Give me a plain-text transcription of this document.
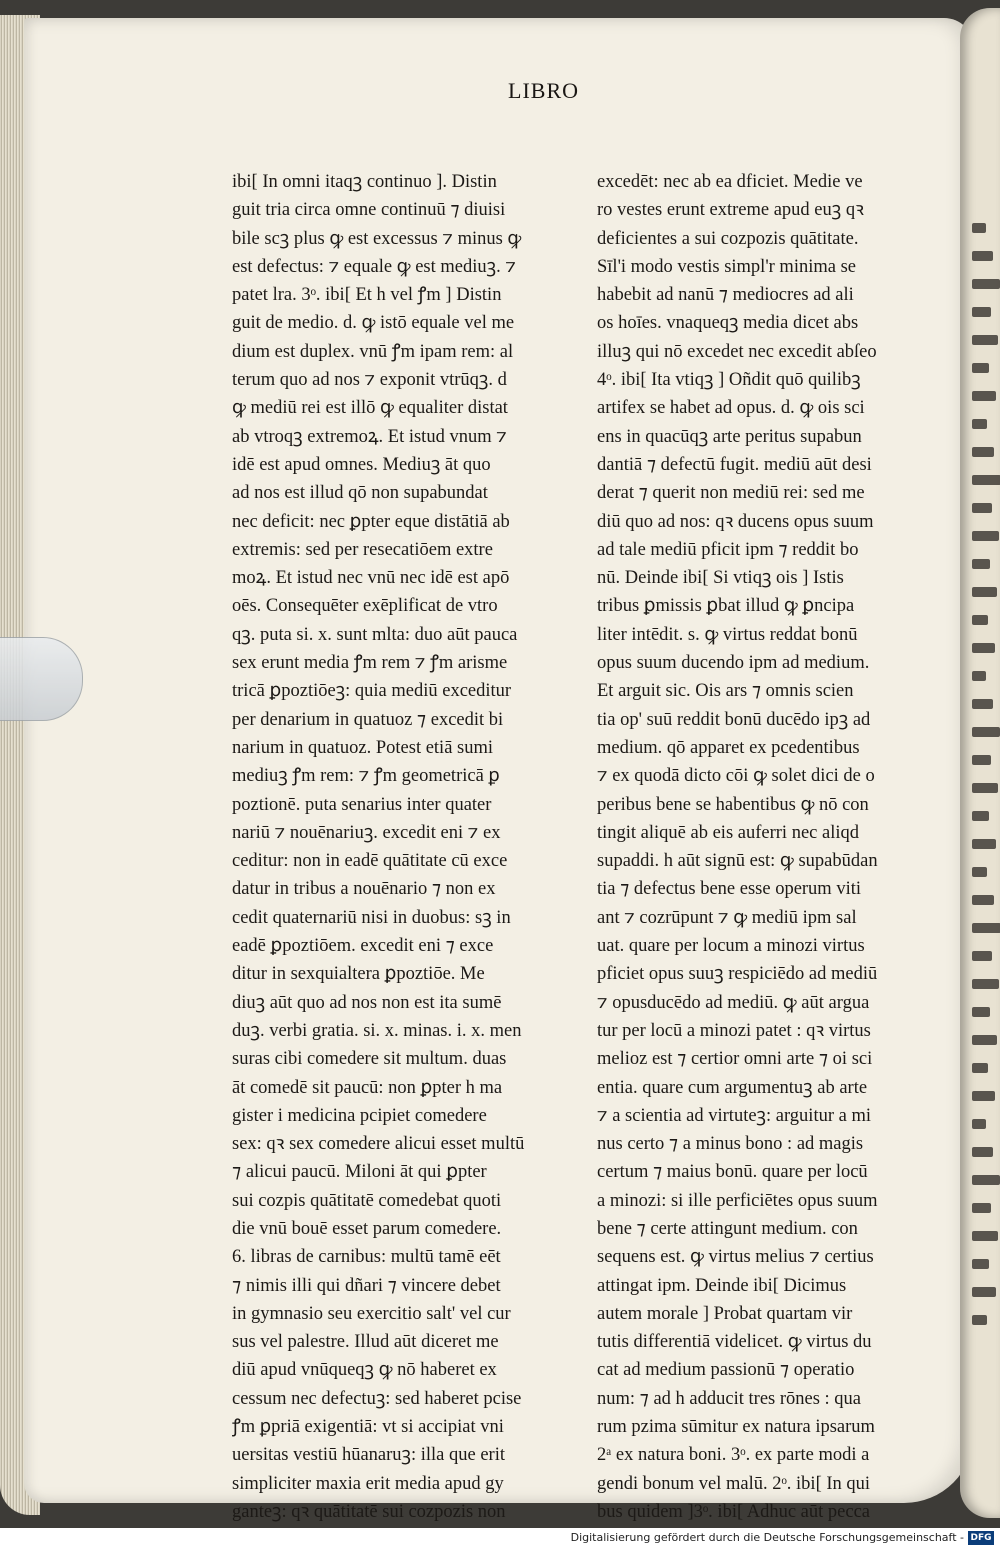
LIBRO
ibi[ In omni itaqꝫ continuo ]. Distin
guit tria circa omne continuū ⁊ diuisi
bile scꝫ plus ꝙ est excessus ⁊ minus ꝙ
est defectus: ⁊ equale ꝙ est mediuꝫ. ⁊
patet lra. 3ᵒ. ibi[ Et h vel ꝭm ] Distin
guit de medio. d. ꝙ istō equale vel me
dium est duplex. vnū ꝭm ipam rem: al
terum quo ad nos ⁊ exponit vtrūqꝫ. d
ꝙ mediū rei est illō ꝙ equaliter distat
ab vtroqꝫ extremoꝝ. Et istud vnum ⁊
idē est apud omnes. Mediuꝫ āt quo
ad nos est illud qō non supabundat
nec deficit: nec ꝑpter eque distātiā ab
extremis: sed per resecatiōem extre
moꝝ. Et istud nec vnū nec idē est apō
oēs. Consequēter exēplificat de vtro
qꝫ. puta si. x. sunt mlta: duo aūt pauca
sex erunt media ꝭm rem ⁊ ꝭm arisme
tricā ꝑpoztiōeꝫ: quia mediū exceditur
per denarium in quatuoz ⁊ excedit bi
narium in quatuoz. Potest etiā sumi
mediuꝫ ꝭm rem: ⁊ ꝭm geometricā ꝑ
poztionē. puta senarius inter quater
nariū ⁊ nouēnariuꝫ. excedit eni ⁊ ex
ceditur: non in eadē quātitate cū exce
datur in tribus a nouēnario ⁊ non ex
cedit quaternariū nisi in duobus: sꝫ in
eadē ꝑpoztiōem. excedit eni ⁊ exce
ditur in sexquialtera ꝑpoztiōe. Me
diuꝫ aūt quo ad nos non est ita sumē
duꝫ. verbi gratia. si. x. minas. i. x. men
suras cibi comedere sit multum. duas
āt comedē sit paucū: non ꝑpter h ma
gister i medicina pcipiet comedere
sex: qꝛ sex comedere alicui esset multū
⁊ alicui paucū. Miloni āt qui ꝑpter
sui cozpis quātitatē comedebat quoti
die vnū bouē esset parum comedere.
6. libras de carnibus: multū tamē eēt
⁊ nimis illi qui dñari ⁊ vincere debet
in gymnasio seu exercitio salt' vel cur
sus vel palestre. Illud aūt diceret me
diū apud vnūqueqꝫ ꝙ nō haberet ex
cessum nec defectuꝫ: sed haberet pcise
ꝭm ꝑpriā exigentiā: vt si accipiat vni
uersitas vestiū hūanaruꝫ: illa que erit
simpliciter maxia erit media apud gy
ganteꝫ: qꝛ quātitatē sui cozpozis non
excedēt: nec ab ea dficiet. Medie ve
ro vestes erunt extreme apud euꝫ qꝛ
deficientes a sui cozpozis quātitate.
Sīl'i modo vestis simpl'r minima se
habebit ad nanū ⁊ mediocres ad ali
os hoīes. vnaqueqꝫ media dicet abs
illuꝫ qui nō excedet nec excedit abſeo
4ᵒ. ibi[ Ita vtiqꝫ ] Oñdit quō quilibꝫ
artifex se habet ad opus. d. ꝙ ois sci
ens in quacūqꝫ arte peritus supabun
dantiā ⁊ defectū fugit. mediū aūt desi
derat ⁊ querit non mediū rei: sed me
diū quo ad nos: qꝛ ducens opus suum
ad tale mediū pficit ipm ⁊ reddit bo
nū. Deinde ibi[ Si vtiqꝫ ois ] Istis
tribus ꝑmissis ꝑbat illud ꝙ ꝑncipa
liter intēdit. s. ꝙ virtus reddat bonū
opus suum ducendo ipm ad medium.
Et arguit sic. Ois ars ⁊ omnis scien
tia op' suū reddit bonū ducēdo ipꝫ ad
medium. qō apparet ex pcedentibus
⁊ ex quodā dicto cōi ꝙ solet dici de o
peribus bene se habentibus ꝙ nō con
tingit aliquē ab eis auferri nec aliqd
supaddi. h aūt signū est: ꝙ supabūdan
tia ⁊ defectus bene esse operum viti
ant ⁊ cozrūpunt ⁊ ꝙ mediū ipm sal
uat. quare per locum a minozi virtus
pficiet opus suuꝫ respiciēdo ad mediū
⁊ opusducēdo ad mediū. ꝙ aūt argua
tur per locū a minozi patet : qꝛ virtus
melioz est ⁊ certior omni arte ⁊ oi sci
entia. quare cum argumentuꝫ ab arte
⁊ a scientia ad virtuteꝫ: arguitur a mi
nus certo ⁊ a minus bono : ad magis
certum ⁊ maius bonū. quare per locū
a minozi: si ille perficiētes opus suum
bene ⁊ certe attingunt medium. con
sequens est. ꝙ virtus melius ⁊ certius
attingat ipm. Deinde ibi[ Dicimus
autem morale ] Probat quartam vir
tutis differentiā videlicet. ꝙ virtus du
cat ad medium passionū ⁊ operatio
num: ⁊ ad h adducit tres rōnes : qua
rum pzima sūmitur ex natura ipsarum
2ᵃ ex natura boni. 3ᵒ. ex parte modi a
gendi bonum vel malū. 2ᵒ. ibi[ In qui
bus quidem ]3ᵒ. ibi[ Adhuc aūt pecca
Digitalisierung gefördert durch die Deutsche Forschungsgemeinschaft - DFG
